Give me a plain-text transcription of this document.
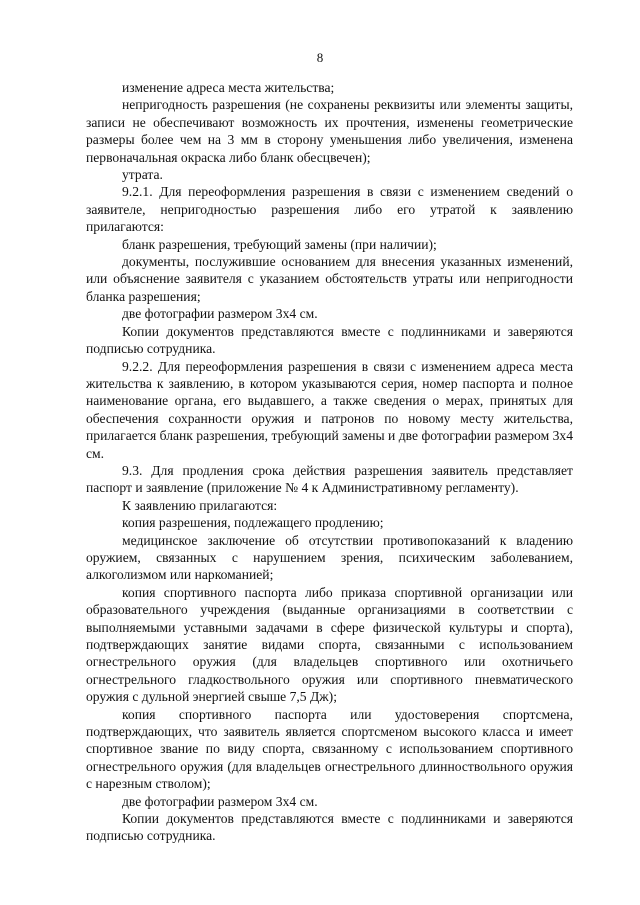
8

изменение адреса места жительства;

непригодность разрешения (не сохранены реквизиты или элементы защиты, записи не обеспечивают возможность их прочтения, изменены геометрические размеры более чем на 3 мм в сторону уменьшения либо увеличения, изменена первоначальная окраска либо бланк обесцвечен);

утрата.

9.2.1. Для переоформления разрешения в связи с изменением сведений о заявителе, непригодностью разрешения либо его утратой к заявлению прилагаются:

бланк разрешения, требующий замены (при наличии);

документы, послужившие основанием для внесения указанных изменений, или объяснение заявителя с указанием обстоятельств утраты или непригодности бланка разрешения;

две фотографии размером 3х4 см.

Копии документов представляются вместе с подлинниками и заверяются подписью сотрудника.

9.2.2. Для переоформления разрешения в связи с изменением адреса места жительства к заявлению, в котором указываются серия, номер паспорта и полное наименование органа, его выдавшего, а также сведения о мерах, принятых для обеспечения сохранности оружия и патронов по новому месту жительства, прилагается бланк разрешения, требующий замены и две фотографии размером 3х4 см.

9.3. Для продления срока действия разрешения заявитель представляет паспорт и заявление (приложение № 4 к Административному регламенту).

К заявлению прилагаются:

копия разрешения, подлежащего продлению;

медицинское заключение об отсутствии противопоказаний к владению оружием, связанных с нарушением зрения, психическим заболеванием, алкоголизмом или наркоманией;

копия спортивного паспорта либо приказа спортивной организации или образовательного учреждения (выданные организациями в соответствии с выполняемыми уставными задачами в сфере физической культуры и спорта), подтверждающих занятие видами спорта, связанными с использованием огнестрельного оружия (для владельцев спортивного или охотничьего огнестрельного гладкоствольного оружия или спортивного пневматического оружия с дульной энергией свыше 7,5 Дж);

копия спортивного паспорта или удостоверения спортсмена, подтверждающих, что заявитель является спортсменом высокого класса и имеет спортивное звание по виду спорта, связанному с использованием спортивного огнестрельного оружия (для владельцев огнестрельного длинноствольного оружия с нарезным стволом);

две фотографии размером 3х4 см.

Копии документов представляются вместе с подлинниками и заверяются подписью сотрудника.
